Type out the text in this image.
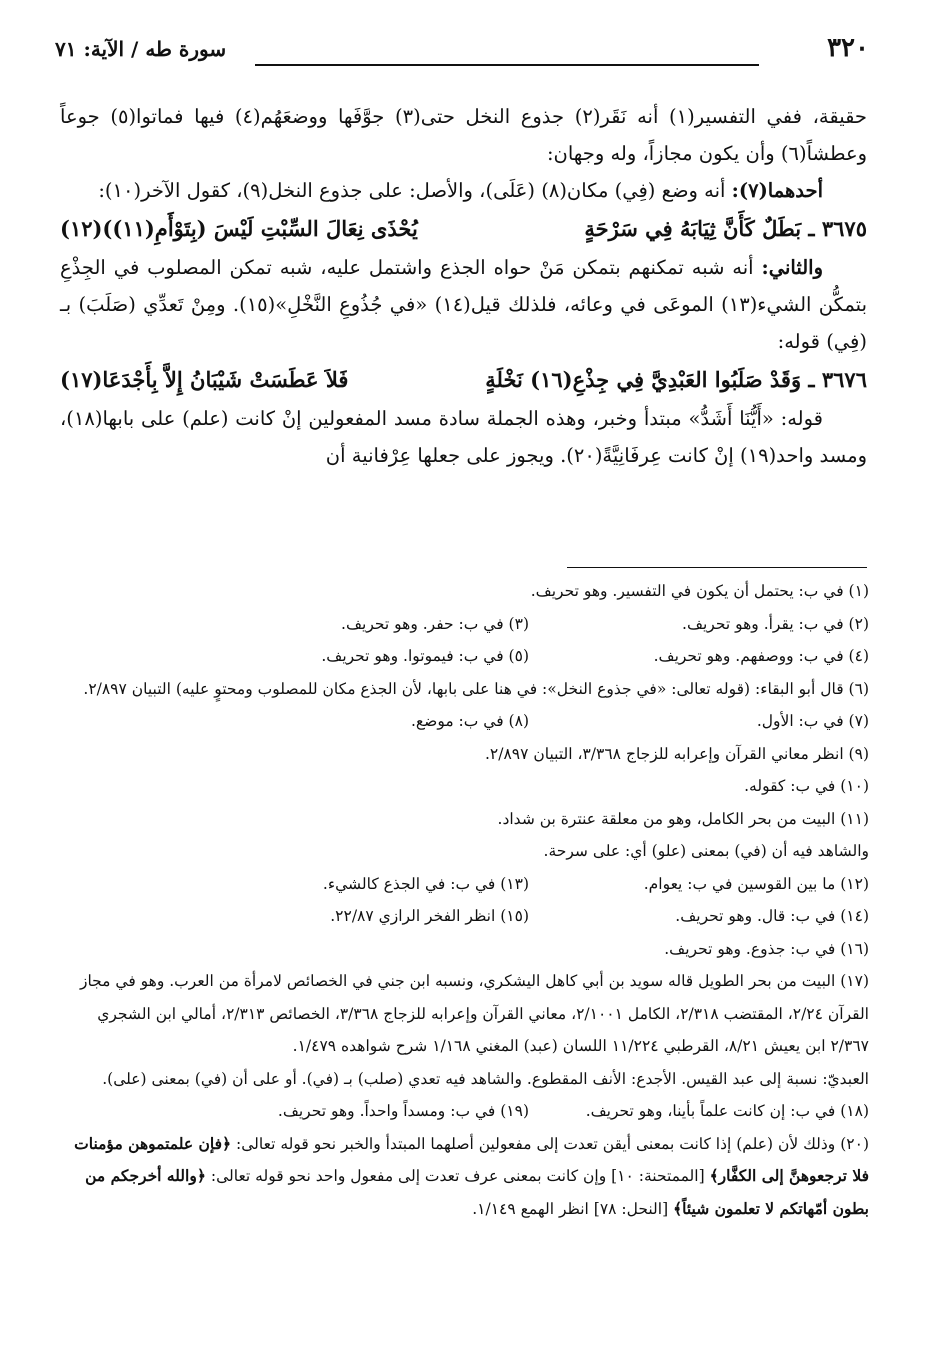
٣٢٠
سورة طه / الآية: ٧١

حقيقة، ففي التفسير(١) أنه نَقَر(٢) جذوع النخل حتى(٣) جوَّفَها ووضعَهُم(٤) فيها فماتوا(٥) جوعاً وعطشاً(٦) وأن يكون مجازاً، وله وجهان:

أحدهما(٧): أنه وضع (فِي) مكان(٨) (عَلَى)، والأصل: على جذوع النخل(٩)، كقول الآخر(١٠):

٣٦٧٥ ـ بَطَلٌ كَأَنَّ ثِيَابَهُ فِي سَرْحَةٍ
يُحْذَى نِعَالَ السِّبْتِ لَيْسَ (بِتَوْأَمِ(١١))(١٢)

والثاني: أنه شبه تمكنهم بتمكن مَنْ حواه الجذع واشتمل عليه، شبه تمكن المصلوب في الجِذْعِ بتمكُّن الشيء(١٣) الموعَى في وعائه، فلذلك قيل(١٤) «في جُذُوعِ النَّخْلِ»(١٥). ومِنْ تَعدِّي (صَلَبَ) بـ (فِي) قوله:

٣٦٧٦ ـ وَقَدْ صَلَبُوا العَبْدِيَّ فِي جِذْعِ(١٦) نَخْلَةٍ
فَلاَ عَطَسَتْ شَيْبَانُ إِلاَّ بِأَجْدَعَا(١٧)

قوله: «أَيُّنَا أَشَدُّ» مبتدأ وخبر، وهذه الجملة سادة مسد المفعولين إنْ كانت (علم) على بابها(١٨)، ومسد واحد(١٩) إنْ كانت عِرفَانِيَّةً(٢٠). ويجوز على جعلها عِرْفانية أن

(١) في ب: يحتمل أن يكون في التفسير. وهو تحريف.

(٢) في ب: يقرأ. وهو تحريف.
(٣) في ب: حفر. وهو تحريف.
(٤) في ب: ووصفهم. وهو تحريف.
(٥) في ب: فيموتوا. وهو تحريف.

(٦) قال أبو البقاء: (قوله تعالى: «في جذوع النخل»: في هنا على بابها، لأن الجذع مكان للمصلوب ومحتوٍ عليه) التبيان ٢/٨٩٧.

(٧) في ب: الأول.
(٨) في ب: موضع.

(٩) انظر معاني القرآن وإعرابه للزجاج ٣/٣٦٨، التبيان ٢/٨٩٧.

(١٠) في ب: كقوله.

(١١) البيت من بحر الكامل، وهو من معلقة عنترة بن شداد.

والشاهد فيه أن (في) بمعنى (علو) أي: على سرحة.

(١٢) ما بين القوسين في ب: يعوام.
(١٣) في ب: في الجذع كالشيء.
(١٤) في ب: قال. وهو تحريف.
(١٥) انظر الفخر الرازي ٢٢/٨٧.

(١٦) في ب: جذوع. وهو تحريف.

(١٧) البيت من بحر الطويل قاله سويد بن أبي كاهل اليشكري، ونسبه ابن جني في الخصائص لامرأة من العرب. وهو في مجاز القرآن ٢/٢٤، المقتضب ٢/٣١٨، الكامل ٢/١٠٠١، معاني القرآن وإعرابه للزجاج ٣/٣٦٨، الخصائص ٢/٣١٣، أمالي ابن الشجري ٢/٣٦٧ ابن يعيش ٨/٢١، القرطبي ١١/٢٢٤ اللسان (عبد) المغني ١/١٦٨ شرح شواهده ١/٤٧٩.

العبديّ: نسبة إلى عبد القيس. الأجدع: الأنف المقطوع. والشاهد فيه تعدي (صلب) بـ (في). أو على أن (في) بمعنى (على).

(١٨) في ب: إن كانت علماً بأينا، وهو تحريف.
(١٩) في ب: ومسداً واحداً. وهو تحريف.

(٢٠) وذلك لأن (علم) إذا كانت بمعنى أيقن تعدت إلى مفعولين أصلهما المبتدأ والخبر نحو قوله تعالى: ﴿فإن علمتموهن مؤمنات فلا ترجعوهنَّ إلى الكفَّار﴾ [الممتحنة: ١٠] وإن كانت بمعنى عرف تعدت إلى مفعول واحد نحو قوله تعالى: ﴿والله أخرجكم من بطون أمّهاتكم لا تعلمون شيئاً﴾ [النحل: ٧٨] انظر الهمع ١/١٤٩.
